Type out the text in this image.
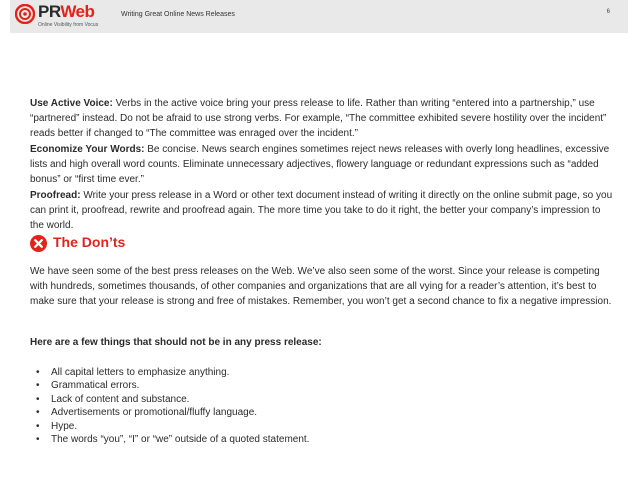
PRWeb
Online Visibility from Vocus
Writing Great Online News Releases	6

Use Active Voice: Verbs in the active voice bring your press release to life. Rather than writing “entered into a partnership,” use “partnered” instead. Do not be afraid to use strong verbs. For example, “The committee exhibited severe hostility over the incident” reads better if changed to “The committee was enraged over the incident.”

Economize Your Words: Be concise. News search engines sometimes reject news releases with overly long headlines, excessive lists and high overall word counts. Eliminate unnecessary adjectives, flowery language or redundant expressions such as “added bonus” or “first time ever.”

Proofread: Write your press release in a Word or other text document instead of writing it directly on the online submit page, so you can print it, proofread, rewrite and proofread again. The more time you take to do it right, the better your company’s impression to the world.

The Don’ts

We have seen some of the best press releases on the Web. We’ve also seen some of the worst. Since your release is competing with hundreds, sometimes thousands, of other companies and organizations that are all vying for a reader’s attention, it’s best to make sure that your release is strong and free of mistakes. Remember, you won’t get a second chance to fix a negative impression.

Here are a few things that should not be in any press release:

• All capital letters to emphasize anything.
• Grammatical errors.
• Lack of content and substance.
• Advertisements or promotional/fluffy language.
• Hype.
• The words “you”, “I” or “we” outside of a quoted statement.
